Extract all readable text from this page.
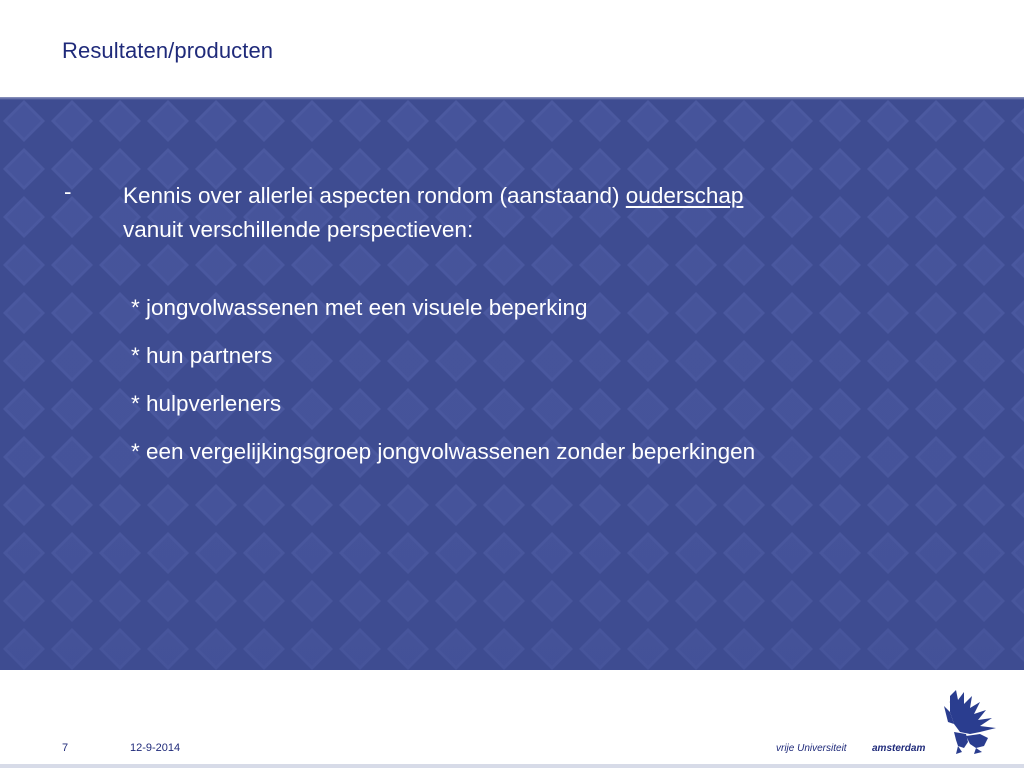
Resultaten/producten
- Kennis over allerlei aspecten rondom (aanstaand) ouderschap
vanuit verschillende perspectieven:
* jongvolwassenen met een visuele beperking
* hun partners
* hulpverleners
* een vergelijkingsgroep jongvolwassenen zonder beperkingen
7	12-9-2014	vrije Universiteit	amsterdam
